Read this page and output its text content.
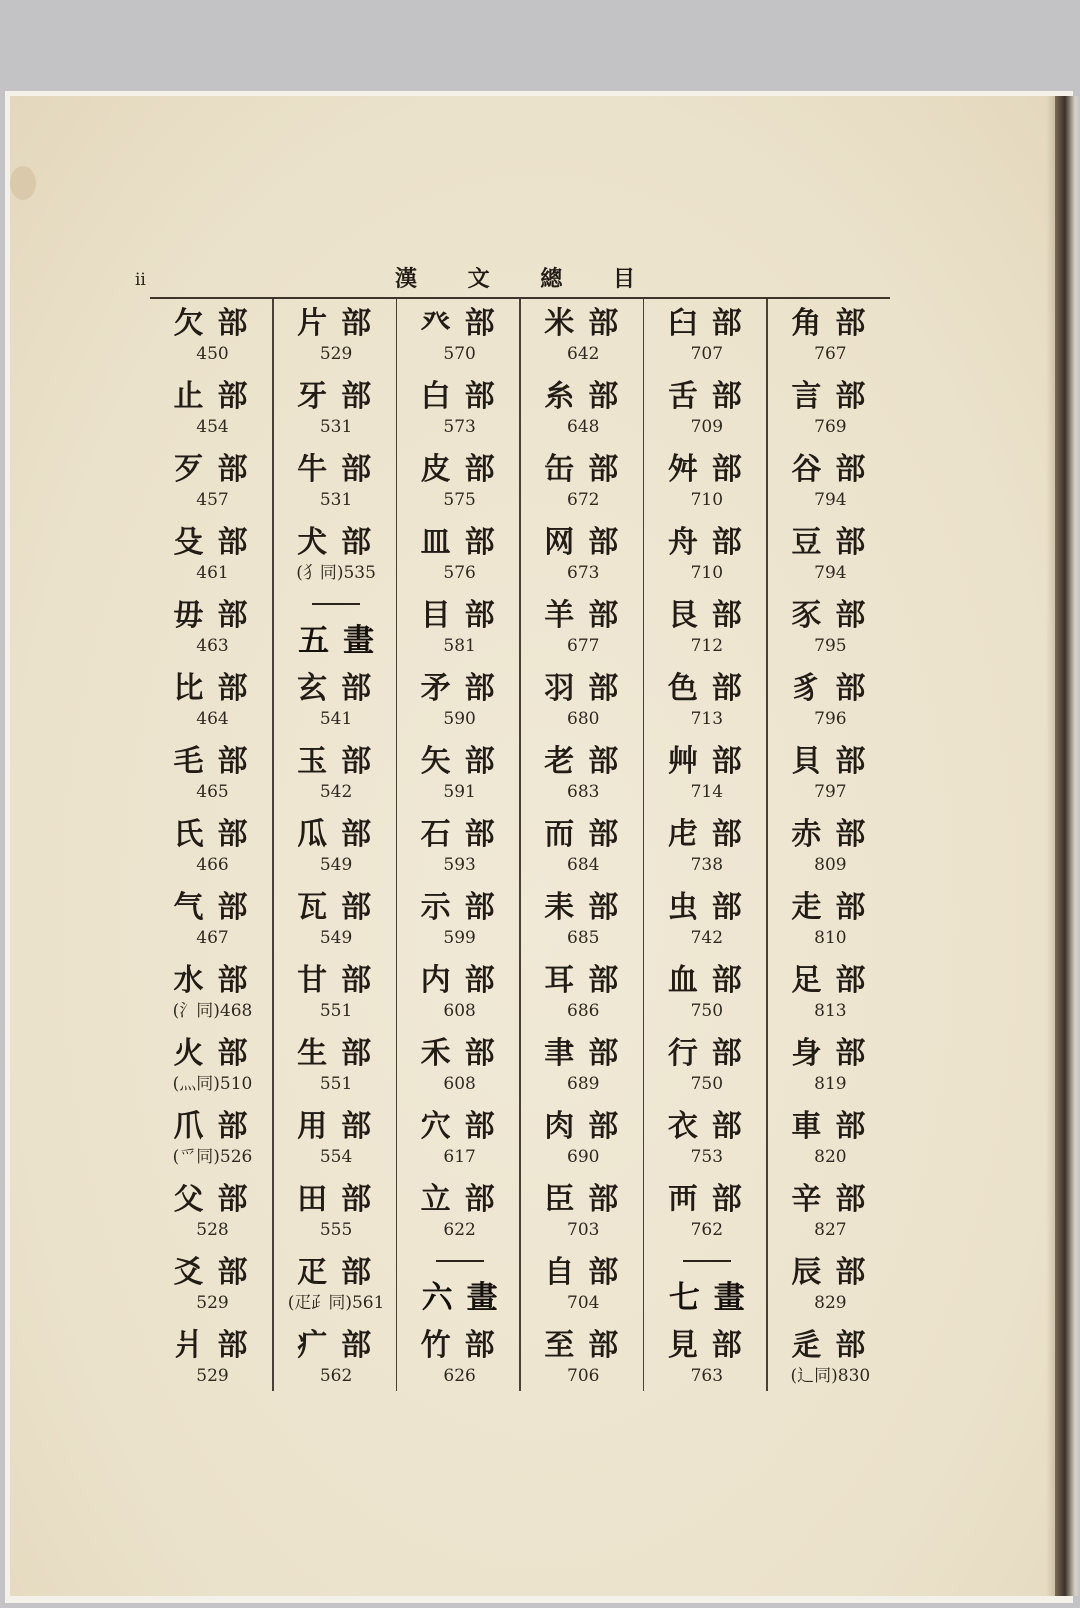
ii	漢 文 總 目
欠部
450
止部
454
歹部
457
殳部
461
毋部
463
比部
464
毛部
465
氏部
466
气部
467
水部
(氵同)468
火部
(灬同)510
爪部
(爫同)526
父部
528
爻部
529
爿部
529
片部
529
牙部
531
牛部
531
犬部
(犭同)535
五畫
玄部
541
玉部
542
瓜部
549
瓦部
549
甘部
551
生部
551
用部
554
田部
555
疋部
(疋⺪同)561
疒部
562
癶部
570
白部
573
皮部
575
皿部
576
目部
581
矛部
590
矢部
591
石部
593
示部
599
内部
608
禾部
608
穴部
617
立部
622
六畫
竹部
626
米部
642
糸部
648
缶部
672
网部
673
羊部
677
羽部
680
老部
683
而部
684
耒部
685
耳部
686
聿部
689
肉部
690
臣部
703
自部
704
至部
706
臼部
707
舌部
709
舛部
710
舟部
710
艮部
712
色部
713
艸部
714
虍部
738
虫部
742
血部
750
行部
750
衣部
753
襾部
762
七畫
見部
763
角部
767
言部
769
谷部
794
豆部
794
豕部
795
豸部
796
貝部
797
赤部
809
走部
810
足部
813
身部
819
車部
820
辛部
827
辰部
829
辵部
(辶同)830
